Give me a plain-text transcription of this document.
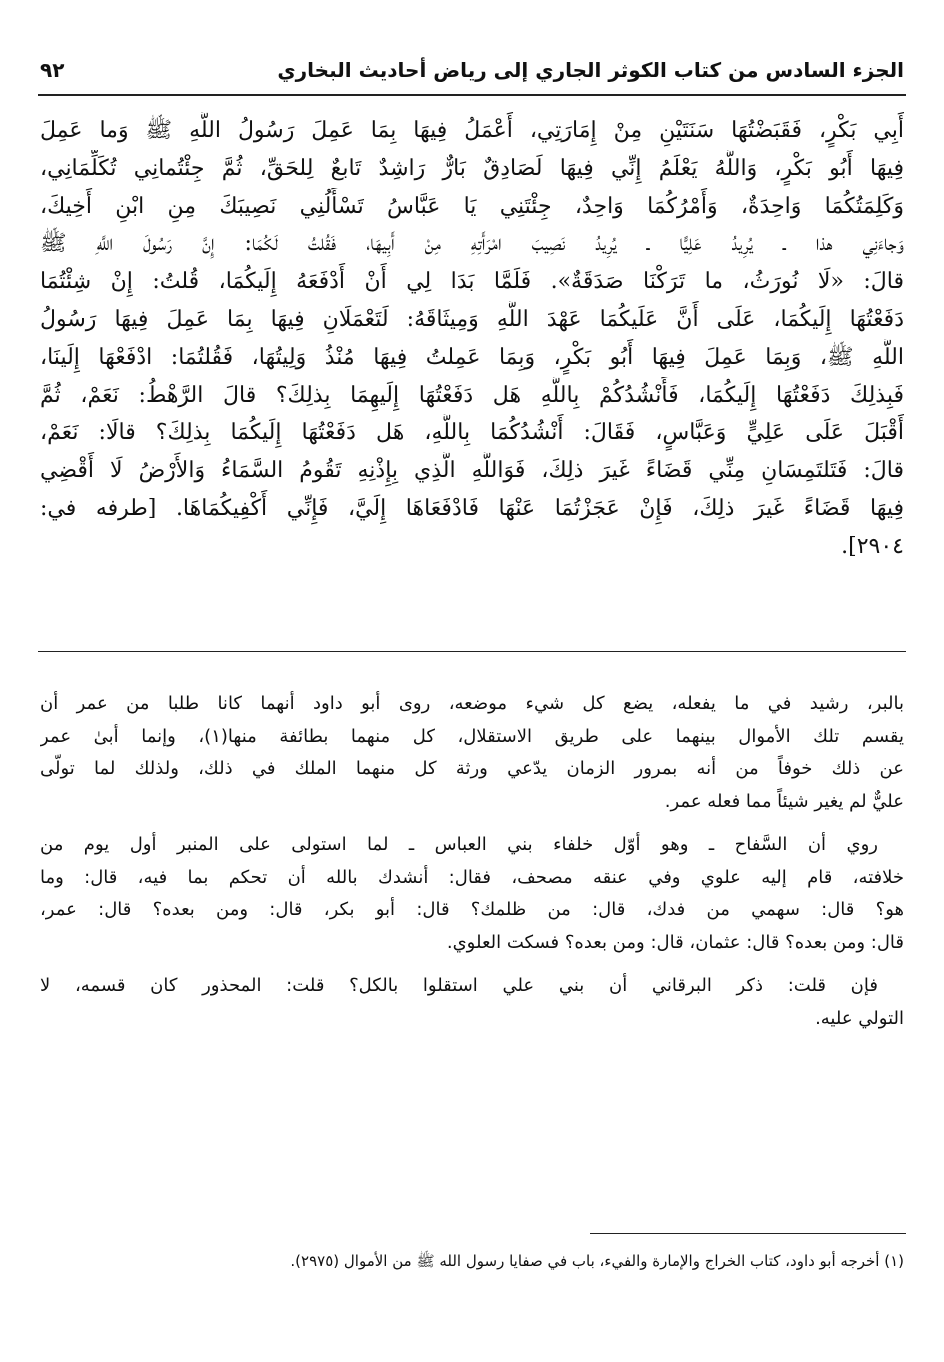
الجزء السادس من كتاب الكوثر الجاري إلى رياض أحاديث البخاري
٩٢
أَبِي بَكْرٍ، فَقَبَضْتُهَا سَنَتَيْنِ مِنْ إِمَارَتِي، أَعْمَلُ فِيهَا بِمَا عَمِلَ رَسُولُ اللَّهِ ﷺ وَما عَمِلَ
فِيهَا أَبُو بَكْرٍ، وَاللَّهُ يَعْلَمُ إِنِّي فِيهَا لَصَادِقٌ بَارٌّ رَاشِدٌ تَابعٌ لِلحَقِّ، ثُمَّ جِئْتُمانِي تُكَلِّمَانِي،
وَكَلِمَتُكُمَا وَاحِدَةٌ، وَأَمْرُكُمَا وَاحِدٌ، جِئْتَنِي يَا عَبَّاسُ تَسْأَلُنِي نَصِيبَكَ مِنِ ابْنِ أَخِيكَ،
وَجاءَنِي هذا ـ يُرِيدُ عَلِيًّا ـ يُرِيدُ نَصِيبَ امْرَأَتِهِ مِنْ أَبِيهَا، فَقُلتُ لَكُمَا: إِنَّ رَسُولَ اللَّهِ ﷺ
قالَ: «لَا نُورَثُ، ما تَرَكْنَا صَدَقَةٌ». فَلَمَّا بَدَا لِي أَنْ أَدْفَعَهُ إِلَيكُمَا، قُلتُ: إِنْ شِئْتُمَا
دَفَعْتُهَا إِلَيكُمَا، عَلَى أَنَّ عَلَيكُمَا عَهْدَ اللَّهِ وَمِيثَاقَهُ: لَتَعْمَلَانِ فِيهَا بِمَا عَمِلَ فِيهَا رَسُولُ
اللَّهِ ﷺ، وَبِمَا عَمِلَ فِيهَا أَبُو بَكْرٍ، وَبِمَا عَمِلتُ فِيهَا مُنْذُ وَلِيتُهَا، فَقُلتُمَا: ادْفَعْهَا إِلَينَا،
فَبِذلِكَ دَفَعْتُهَا إِلَيكُمَا، فَأَنْشُدُكُمْ بِاللَّهِ هَل دَفَعْتُهَا إِلَيهِمَا بِذلِكَ؟ قالَ الرَّهْطُ: نَعَمْ، ثُمَّ
أَقْبَلَ عَلَى عَلِيٍّ وَعَبَّاسٍ، فَقَالَ: أَنْشُدُكُمَا بِاللَّهِ، هَل دَفَعْتُهَا إِلَيكُمَا بِذلِكَ؟ قالَا: نَعَمْ،
قالَ: فَتَلتَمِسَانِ مِنِّي قَضَاءً غَيرَ ذلِكَ، فَوَاللَّهِ الَّذِي بِإِذْنِهِ تَقُومُ السَّمَاءُ وَالأَرْضُ لَا أَقْضِي
فِيهَا قَضَاءً غَيرَ ذلِكَ، فَإِنْ عَجَزْتُمَا عَنْهَا فَادْفَعَاهَا إِلَيَّ، فَإِنِّي أَكْفِيكُمَاهَا. [طرفه في:
٢٩٠٤].
بالبر، رشيد في ما يفعله، يضع كل شيء موضعه، روى أبو داود أنهما كانا طلبا من عمر أن
يقسم تلك الأموال بينهما على طريق الاستقلال، كل منهما بطائفة منها(١)، وإنما أبىٰ عمر
عن ذلك خوفاً من أنه بمرور الزمان يدّعي ورثة كل منهما الملك في ذلك، ولذلك لما تولّى
عليٌّ لم يغير شيئاً مما فعله عمر.
روي أن السَّفاح ـ وهو أوّل خلفاء بني العباس ـ لما استولى على المنبر أول يوم من
خلافته، قام إليه علوي وفي عنقه مصحف، فقال: أنشدك بالله أن تحكم بما فيه، قال: وما
هو؟ قال: سهمي من فدك، قال: من ظلمك؟ قال: أبو بكر، قال: ومن بعده؟ قال: عمر،
قال: ومن بعده؟ قال: عثمان، قال: ومن بعده؟ فسكت العلوي.
فإن قلت: ذكر البرقاني أن بني علي استقلوا بالكل؟ قلت: المحذور كان قسمه، لا
التولي عليه.
(١) أخرجه أبو داود، كتاب الخراج والإمارة والفيء، باب في صفايا رسول الله ﷺ من الأموال (٢٩٧٥).
